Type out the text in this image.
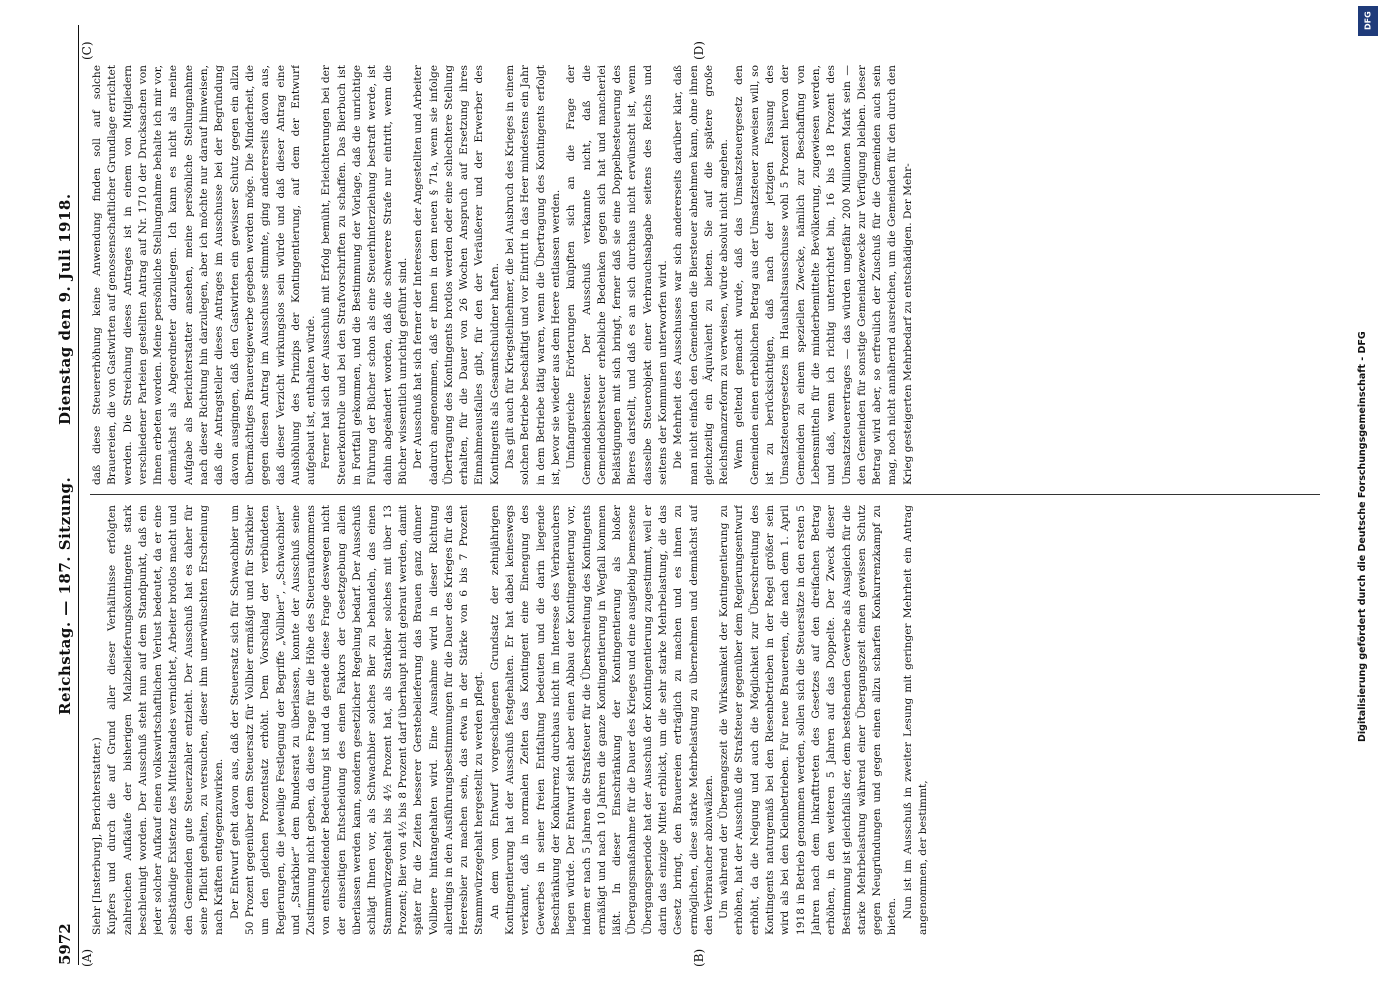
5972
Reichstag. — 187. Sitzung.
Dienstag den 9. Juli 1918.
(A)	(B)
(C)	(D)

Siehr [Insterburg], Berichterstatter.) Kupfers und durch die auf Grund aller dieser Verhältnisse erfolgten zahlreichen Aufkäufe der bisherigen Malzbelieferungskontingente stark beschleunigt worden. Der Ausschuß steht nun auf dem Standpunkt, daß ein jeder solcher Aufkauf einen volkswirtschaftlichen Verlust bedeutet, da er eine selbständige Existenz des Mittelstandes vernichtet, Arbeiter brotlos macht und den Gemeinden gute Steuerzahler entzieht. Der Ausschuß hat es daher für seine Pflicht gehalten, zu versuchen, dieser ihm unerwünschten Erscheinung nach Kräften entgegenzuwirken. Der Entwurf geht davon aus, daß der Steuersatz sich für Schwachbier um 50 Prozent gegenüber dem Steuersatz für Vollbier ermäßigt und für Starkbier um den gleichen Prozentsatz erhöht. Dem Vorschlag der verbündeten Regierungen, die jeweilige Festlegung der Begriffe „Vollbier“, „Schwachbier“ und „Starkbier“ dem Bundesrat zu überlassen, konnte der Ausschuß seine Zustimmung nicht geben, da diese Frage für die Höhe des Steueraufkommens von entscheidender Bedeutung ist und da gerade diese Frage deswegen nicht der einseitigen Entscheidung des einen Faktors der Gesetzgebung allein überlassen werden kann, sondern gesetzlicher Regelung bedarf. Der Ausschuß schlägt Ihnen vor, als Schwachbier solches Bier zu behandeln, das einen Stammwürzegehalt bis 4½ Prozent hat, als Starkbier solches mit über 13 Prozent; Bier von 4½ bis 8 Prozent darf überhaupt nicht gebraut werden, damit später für die Zeiten besserer Gerstebelieferung das Brauen ganz dünner Vollbiere hintangehalten wird. Eine Ausnahme wird in dieser Richtung allerdings in den Ausführungsbestimmungen für die Dauer des Krieges für das Heeresbier zu machen sein, das etwa in der Stärke von 6 bis 7 Prozent Stammwürzegehalt hergestellt zu werden pflegt. An dem vom Entwurf vorgeschlagenen Grundsatz der zehnjährigen Kontingentierung hat der Ausschuß festgehalten. Er hat dabei keineswegs verkannt, daß in normalen Zeiten das Kontingent eine Einengung des Gewerbes in seiner freien Entfaltung bedeuten und die darin liegende Beschränkung der Konkurrenz durchaus nicht im Interesse des Verbrauchers liegen würde. Der Entwurf sieht aber einen Abbau der Kontingentierung vor, indem er nach 5 Jahren die Strafsteuer für die Überschreitung des Kontingents ermäßigt und nach 10 Jahren die ganze Kontingentierung in Wegfall kommen läßt. In dieser Einschränkung der Kontingentierung als bloßer Übergangsmaßnahme für die Dauer des Krieges und eine ausgiebig bemessene Übergangsperiode hat der Ausschuß der Kontingentierung zugestimmt, weil er darin das einzige Mittel erblickt, um die sehr starke Mehrbelastung, die das Gesetz bringt, den Brauereien erträglich zu machen und es ihnen zu ermöglichen, diese starke Mehrbelastung zu übernehmen und demnächst auf den Verbraucher abzuwälzen. Um während der Übergangszeit die Wirksamkeit der Kontingentierung zu erhöhen, hat der Ausschuß die Strafsteuer gegenüber dem Regierungsentwurf erhöht, da die Neigung und auch die Möglichkeit zur Überschreitung des Kontingents naturgemäß bei den Riesenbetrieben in der Regel größer sein wird als bei den Kleinbetrieben. Für neue Brauereien, die nach dem 1. April 1918 in Betrieb genommen werden, sollen sich die Steuersätze in den ersten 5 Jahren nach dem Inkrafttreten des Gesetzes auf den dreifachen Betrag erhöhen, in den weiteren 5 Jahren auf das Doppelte. Der Zweck dieser Bestimmung ist gleichfalls der, dem bestehenden Gewerbe als Ausgleich für die starke Mehrbelastung während einer Übergangszeit einen gewissen Schutz gegen Neugründungen und gegen einen allzu scharfen Konkurrenzkampf zu bieten. Nun ist im Ausschuß in zweiter Lesung mit geringer Mehrheit ein Antrag angenommen, der bestimmt,

daß diese Steuererhöhung keine Anwendung finden soll auf solche Brauereien, die von Gastwirten auf genossenschaftlicher Grundlage errichtet werden. Die Streichung dieses Antrages ist in einem von Mitgliedern verschiedener Parteien gestellten Antrag auf Nr. 1710 der Drucksachen von Ihnen erbeten worden. Meine persönliche Stellungnahme behalte ich mir vor, demnächst als Abgeordneter darzulegen. Ich kann es nicht als meine Aufgabe als Berichterstatter ansehen, meine persönliche Stellungnahme nach dieser Richtung hin darzulegen, aber ich möchte nur darauf hinweisen, daß die Antragsteller dieses Antrages im Ausschusse bei der Begründung davon ausgingen, daß den Gastwirten ein gewisser Schutz gegen ein allzu übermächtiges Brauereigewerbe gegeben werden möge. Die Minderheit, die gegen diesen Antrag im Ausschusse stimmte, ging andererseits davon aus, daß dieser Verzicht wirkungslos sein würde und daß dieser Antrag eine Aushöhlung des Prinzips der Kontingentierung, auf dem der Entwurf aufgebaut ist, enthalten würde. Ferner hat sich der Ausschuß mit Erfolg bemüht, Erleichterungen bei der Steuerkontrolle und bei den Strafvorschriften zu schaffen. Das Bierbuch ist in Fortfall gekommen, und die Bestimmung der Vorlage, daß die unrichtige Führung der Bücher schon als eine Steuerhinterziehung bestraft werde, ist dahin abgeändert worden, daß die schwerere Strafe nur eintritt, wenn die Bücher wissentlich unrichtig geführt sind. Der Ausschuß hat sich ferner der Interessen der Angestellten und Arbeiter dadurch angenommen, daß er ihnen in dem neuen § 71a, wenn sie infolge Übertragung des Kontingents brotlos werden oder eine schlechtere Stellung erhalten, für die Dauer von 26 Wochen Anspruch auf Ersetzung ihres Einnahmeausfalles gibt, für den der Veräußerer und der Erwerber des Kontingents als Gesamtschuldner haften. Das gilt auch für Kriegsteilnehmer, die bei Ausbruch des Krieges in einem solchen Betriebe beschäftigt und vor Eintritt in das Heer mindestens ein Jahr in dem Betriebe tätig waren, wenn die Übertragung des Kontingents erfolgt ist, bevor sie wieder aus dem Heere entlassen werden. Umfangreiche Erörterungen knüpften sich an die Frage der Gemeindebiersteuer. Der Ausschuß verkannte nicht, daß die Gemeindebiersteuer erhebliche Bedenken gegen sich hat und mancherlei Belästigungen mit sich bringt, ferner daß sie eine Doppelbesteuerung des Bieres darstellt, und daß es an sich durchaus nicht erwünscht ist, wenn dasselbe Steuerobjekt einer Verbrauchsabgabe seitens des Reichs und seitens der Kommunen unterworfen wird. Die Mehrheit des Ausschusses war sich andererseits darüber klar, daß man nicht einfach den Gemeinden die Biersteuer abnehmen kann, ohne ihnen gleichzeitig ein Äquivalent zu bieten. Sie auf die spätere große Reichsfinanzreform zu verweisen, würde absolut nicht angehen. Wenn geltend gemacht wurde, daß das Umsatzsteuergesetz den Gemeinden einen erheblichen Betrag aus der Umsatzsteuer zuweisen will, so ist zu berücksichtigen, daß nach der jetzigen Fassung des Umsatzsteuergesetzes im Haushaltsausschusse wohl 5 Prozent hiervon der Gemeinden zu einem speziellen Zwecke, nämlich zur Beschaffung von Lebensmitteln für die minderbemittelte Bevölkerung, zugewiesen werden, und daß, wenn ich richtig unterrichtet bin, 16 bis 18 Prozent des Umsatzsteuerertrages — das würden ungefähr 200 Millionen Mark sein — den Gemeinden für sonstige Gemeindezwecke zur Verfügung bleiben. Dieser Betrag wird aber, so erfreulich der Zuschuß für die Gemeinden auch sein mag, noch nicht annähernd ausreichen, um die Gemeinden für den durch den Krieg gesteigerten Mehrbedarf zu entschädigen. Der Mehr-

DFG
Digitalisierung gefördert durch die Deutsche Forschungsgemeinschaft - DFG
